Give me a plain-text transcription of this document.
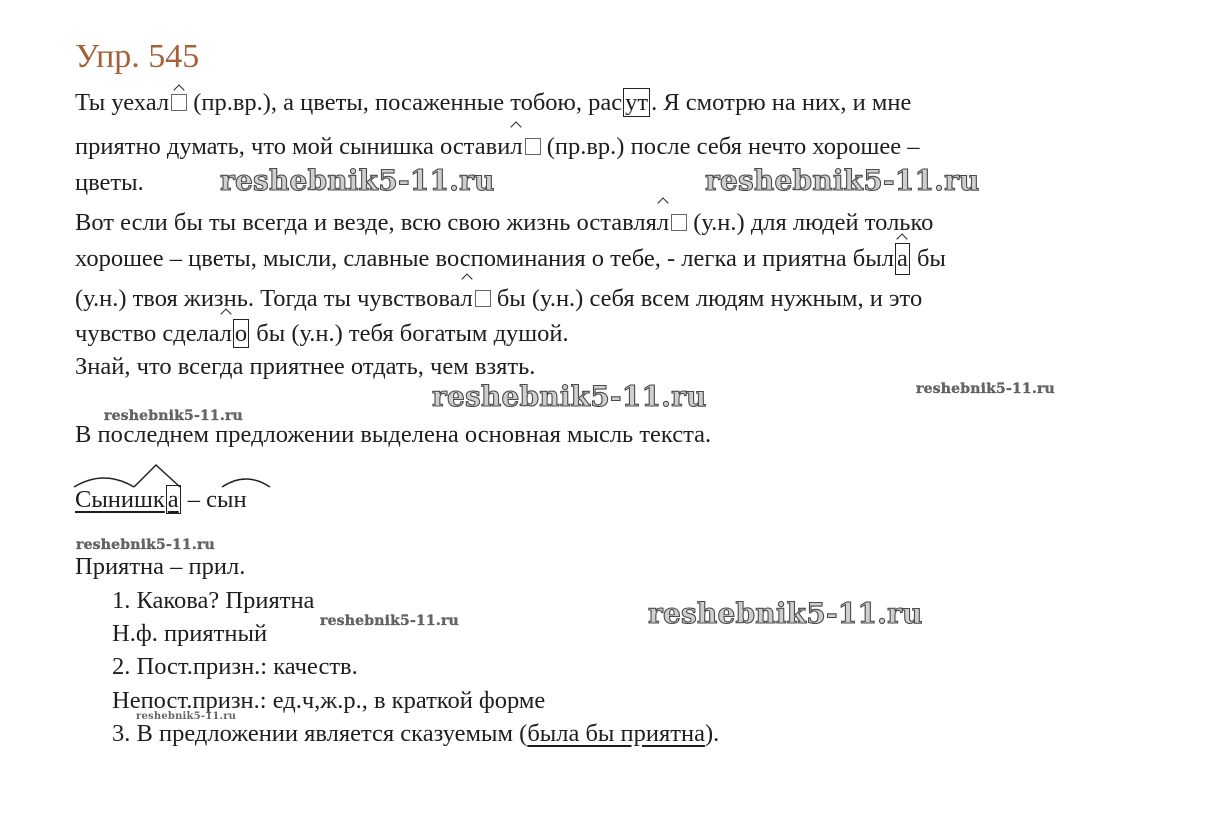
Упр. 545
Ты уехал (пр.вр.), а цветы, посаженные тобою, рас ут . Я смотрю на них, и мне
приятно думать, что мой сынишка оставил (пр.вр.) после себя нечто хорошее –
цветы.
Вот если бы ты всегда и везде, всю свою жизнь оставлял (у.н.) для людей только
хорошее – цветы, мысли, славные воспоминания о тебе, - легка и приятна был а бы
(у.н.) твоя жизнь. Тогда ты чувствовал бы (у.н.) себя всем людям нужным, и это
чувство сделал о бы (у.н.) тебя богатым душой.
Знай, что всегда приятнее отдать, чем взять.
В последнем предложении выделена основная мысль текста.
Сынишк а – сын
Приятна – прил.
1. Какова? Приятна
Н.ф. приятный
2. Пост.призн.: качеств.
Непост.призн.: ед.ч,ж.р., в краткой форме
3. В предложении является сказуемым (была бы приятна).
reshebnik5-11.ru	reshebnik5-11.ru
reshebnik5-11.ru
reshebnik5-11.ru
reshebnik5-11.ru
reshebnik5-11.ru
reshebnik5-11.ru
reshebnik5-11.ru
reshebnik5-11.ru
